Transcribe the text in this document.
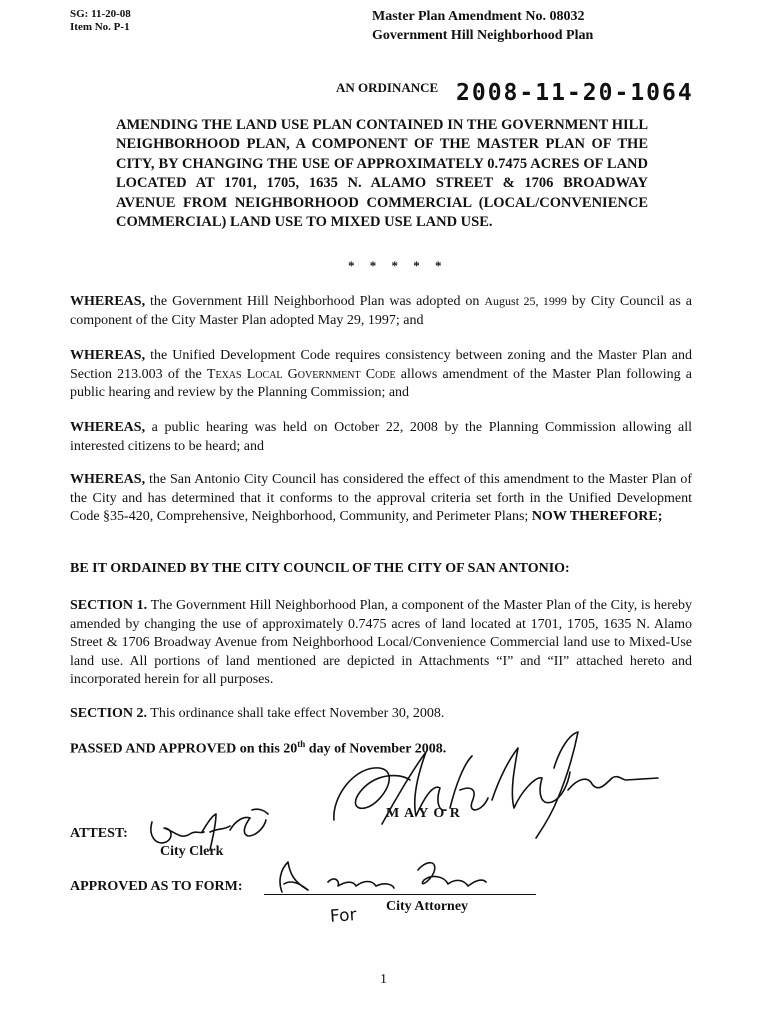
SG: 11-20-08
Item No. P-1
Master Plan Amendment No. 08032
Government Hill Neighborhood Plan
AN ORDINANCE 2008-11-20-1064
AMENDING THE LAND USE PLAN CONTAINED IN THE GOVERNMENT HILL NEIGHBORHOOD PLAN, A COMPONENT OF THE MASTER PLAN OF THE CITY, BY CHANGING THE USE OF APPROXIMATELY 0.7475 ACRES OF LAND LOCATED AT 1701, 1705, 1635 N. ALAMO STREET & 1706 BROADWAY AVENUE FROM NEIGHBORHOOD COMMERCIAL (LOCAL/CONVENIENCE COMMERCIAL) LAND USE TO MIXED USE LAND USE.
* * * * *
WHEREAS, the Government Hill Neighborhood Plan was adopted on August 25, 1999 by City Council as a component of the City Master Plan adopted May 29, 1997; and
WHEREAS, the Unified Development Code requires consistency between zoning and the Master Plan and Section 213.003 of the Texas Local Government Code allows amendment of the Master Plan following a public hearing and review by the Planning Commission; and
WHEREAS, a public hearing was held on October 22, 2008 by the Planning Commission allowing all interested citizens to be heard; and
WHEREAS, the San Antonio City Council has considered the effect of this amendment to the Master Plan of the City and has determined that it conforms to the approval criteria set forth in the Unified Development Code §35-420, Comprehensive, Neighborhood, Community, and Perimeter Plans; NOW THEREFORE;
BE IT ORDAINED BY THE CITY COUNCIL OF THE CITY OF SAN ANTONIO:
SECTION 1. The Government Hill Neighborhood Plan, a component of the Master Plan of the City, is hereby amended by changing the use of approximately 0.7475 acres of land located at 1701, 1705, 1635 N. Alamo Street & 1706 Broadway Avenue from Neighborhood Local/Convenience Commercial land use to Mixed-Use land use. All portions of land mentioned are depicted in Attachments “I” and “II” attached hereto and incorporated herein for all purposes.
SECTION 2. This ordinance shall take effect November 30, 2008.
PASSED AND APPROVED on this 20th day of November 2008.
M A Y O R
ATTEST:
City Clerk
APPROVED AS TO FORM:
City Attorney
For
1
